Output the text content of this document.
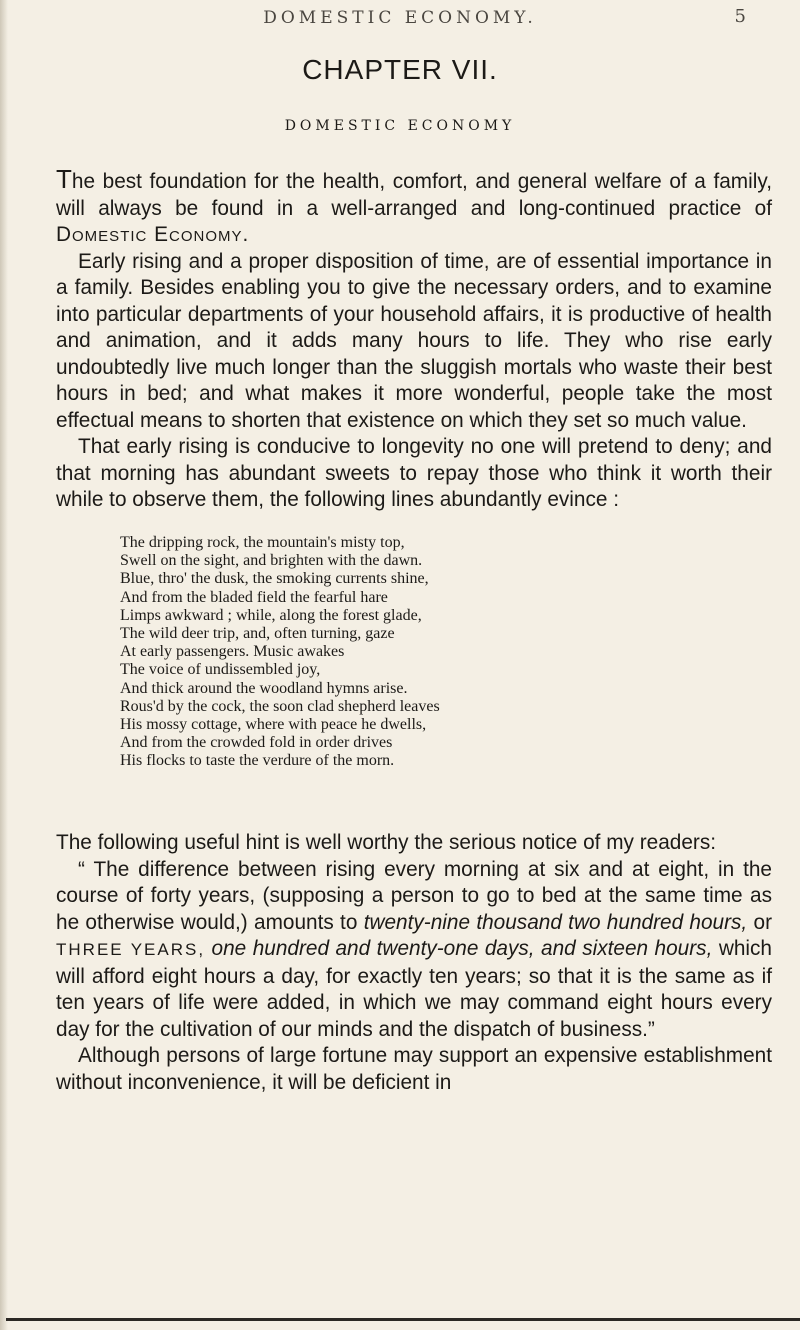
DOMESTIC ECONOMY.	5
CHAPTER VII.
DOMESTIC ECONOMY

The best foundation for the health, comfort, and general welfare of a family, will always be found in a well-arranged and long-continued practice of Domestic Economy.

Early rising and a proper disposition of time, are of essential importance in a family. Besides enabling you to give the necessary orders, and to examine into particular departments of your household affairs, it is productive of health and animation, and it adds many hours to life. They who rise early undoubtedly live much longer than the sluggish mortals who waste their best hours in bed; and what makes it more wonderful, people take the most effectual means to shorten that existence on which they set so much value.

That early rising is conducive to longevity no one will pretend to deny; and that morning has abundant sweets to repay those who think it worth their while to observe them, the following lines abundantly evince :

The dripping rock, the mountain's misty top,
Swell on the sight, and brighten with the dawn.
Blue, thro' the dusk, the smoking currents shine,
And from the bladed field the fearful hare
Limps awkward ; while, along the forest glade,
The wild deer trip, and, often turning, gaze
At early passengers. Music awakes
The voice of undissembled joy,
And thick around the woodland hymns arise.
Rous'd by the cock, the soon clad shepherd leaves
His mossy cottage, where with peace he dwells,
And from the crowded fold in order drives
His flocks to taste the verdure of the morn.

The following useful hint is well worthy the serious notice of my readers:

“ The difference between rising every morning at six and at eight, in the course of forty years, (supposing a person to go to bed at the same time as he otherwise would,) amounts to twenty-nine thousand two hundred hours, or THREE YEARS, one hundred and twenty-one days, and sixteen hours, which will afford eight hours a day, for exactly ten years; so that it is the same as if ten years of life were added, in which we may command eight hours every day for the cultivation of our minds and the dispatch of business.”

Although persons of large fortune may support an expensive establishment without inconvenience, it will be deficient in
